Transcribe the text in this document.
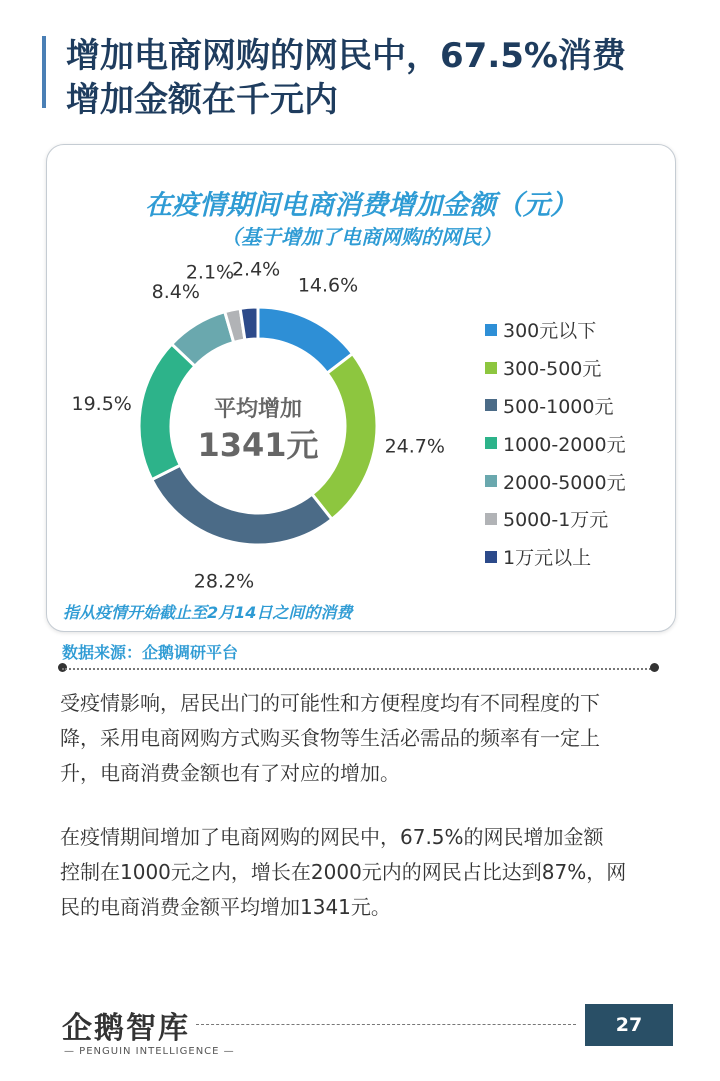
增加电商网购的网民中，67.5%消费
增加金额在千元内
在疫情期间电商消费增加金额（元）
（基于增加了电商网购的网民）
14.6%
24.7%
28.2%
19.5%
8.4%
2.1%
2.4%
平均增加
1341元
300元以下
300-500元
500-1000元
1000-2000元
2000-5000元
5000-1万元
1万元以上
指从疫情开始截止至2月14日之间的消费
数据来源：企鹅调研平台
受疫情影响，居民出门的可能性和方便程度均有不同程度的下
降，采用电商网购方式购买食物等生活必需品的频率有一定上
升，电商消费金额也有了对应的增加。
在疫情期间增加了电商网购的网民中，67.5%的网民增加金额
控制在1000元之内，增长在2000元内的网民占比达到87%，网
民的电商消费金额平均增加1341元。
企鹅智库
— PENGUIN INTELLIGENCE —
27
